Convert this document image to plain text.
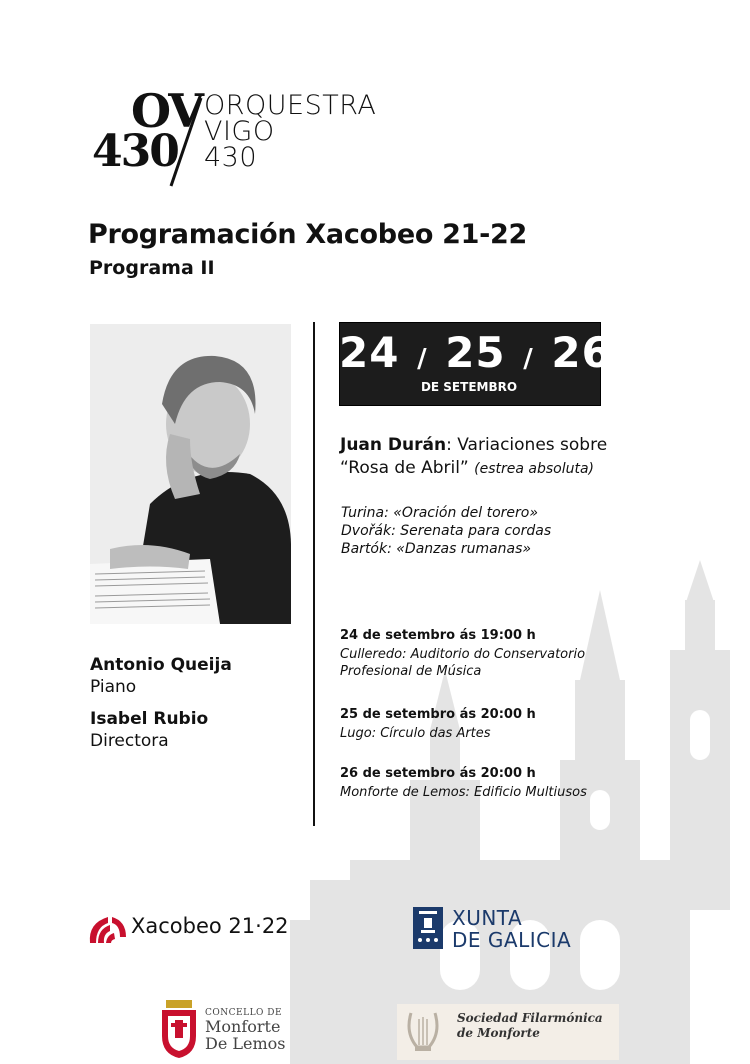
OV
430
ORQUESTRA
VIGO
430
Programación Xacobeo 21-22
Programa II
24 / 25 / 26
DE SETEMBRO
Juan Durán: Variaciones sobre
“Rosa de Abril” (estrea absoluta)
Turina: «Oración del torero»
Dvořák: Serenata para cordas
Bartók: «Danzas rumanas»
24 de setembro ás 19:00 h
Culleredo: Auditorio do Conservatorio
Profesional de Música
25 de setembro ás 20:00 h
Lugo: Círculo das Artes
26 de setembro ás 20:00 h
Monforte de Lemos: Edificio Multiusos
Antonio Queija
Piano
Isabel Rubio
Directora
Xacobeo 21·22	XUNTA
DE GALICIA
CONCELLO DE
Monforte
De Lemos
Sociedad Filarmónica
de Monforte
